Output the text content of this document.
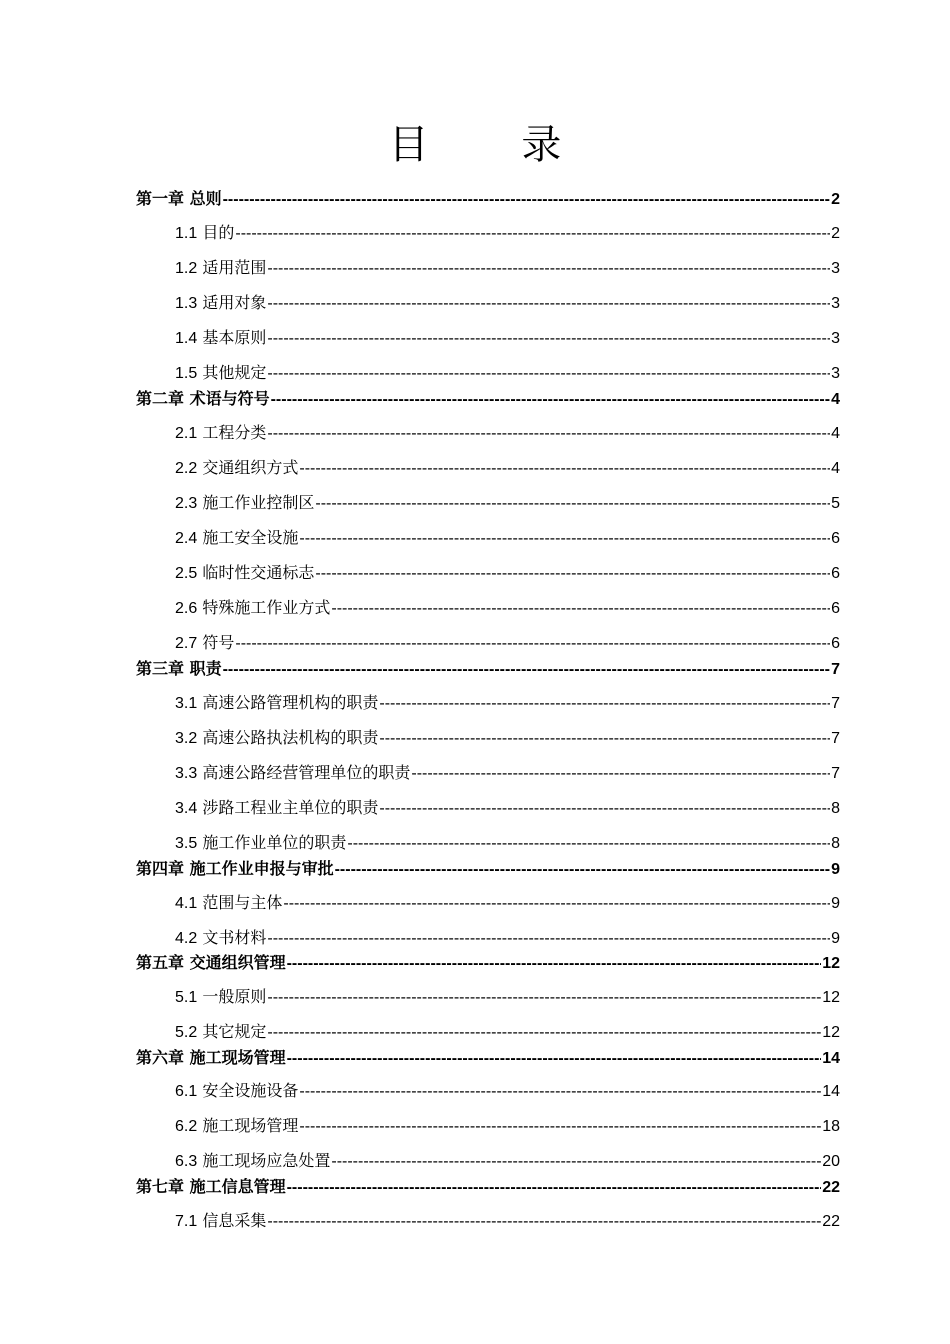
目 录
第一章 总则 -----	2
1.1 目的 -----	2
1.2 适用范围 -----	3
1.3 适用对象 -----	3
1.4 基本原则 -----	3
1.5 其他规定 -----	3
第二章 术语与符号 -----	4
2.1 工程分类 -----	4
2.2 交通组织方式 -----	4
2.3 施工作业控制区 -----	5
2.4 施工安全设施 -----	6
2.5 临时性交通标志 -----	6
2.6 特殊施工作业方式 -----	6
2.7 符号 -----	6
第三章 职责 -----	7
3.1 高速公路管理机构的职责 -----	7
3.2 高速公路执法机构的职责 -----	7
3.3 高速公路经营管理单位的职责 -----	7
3.4 涉路工程业主单位的职责 -----	8
3.5 施工作业单位的职责 -----	8
第四章 施工作业申报与审批 -----	9
4.1 范围与主体 -----	9
4.2 文书材料 -----	9
第五章 交通组织管理 -----	12
5.1 一般原则 -----	12
5.2 其它规定 -----	12
第六章 施工现场管理 -----	14
6.1 安全设施设备 -----	14
6.2 施工现场管理 -----	18
6.3 施工现场应急处置 -----	20
第七章 施工信息管理 -----	22
7.1 信息采集 -----	22
